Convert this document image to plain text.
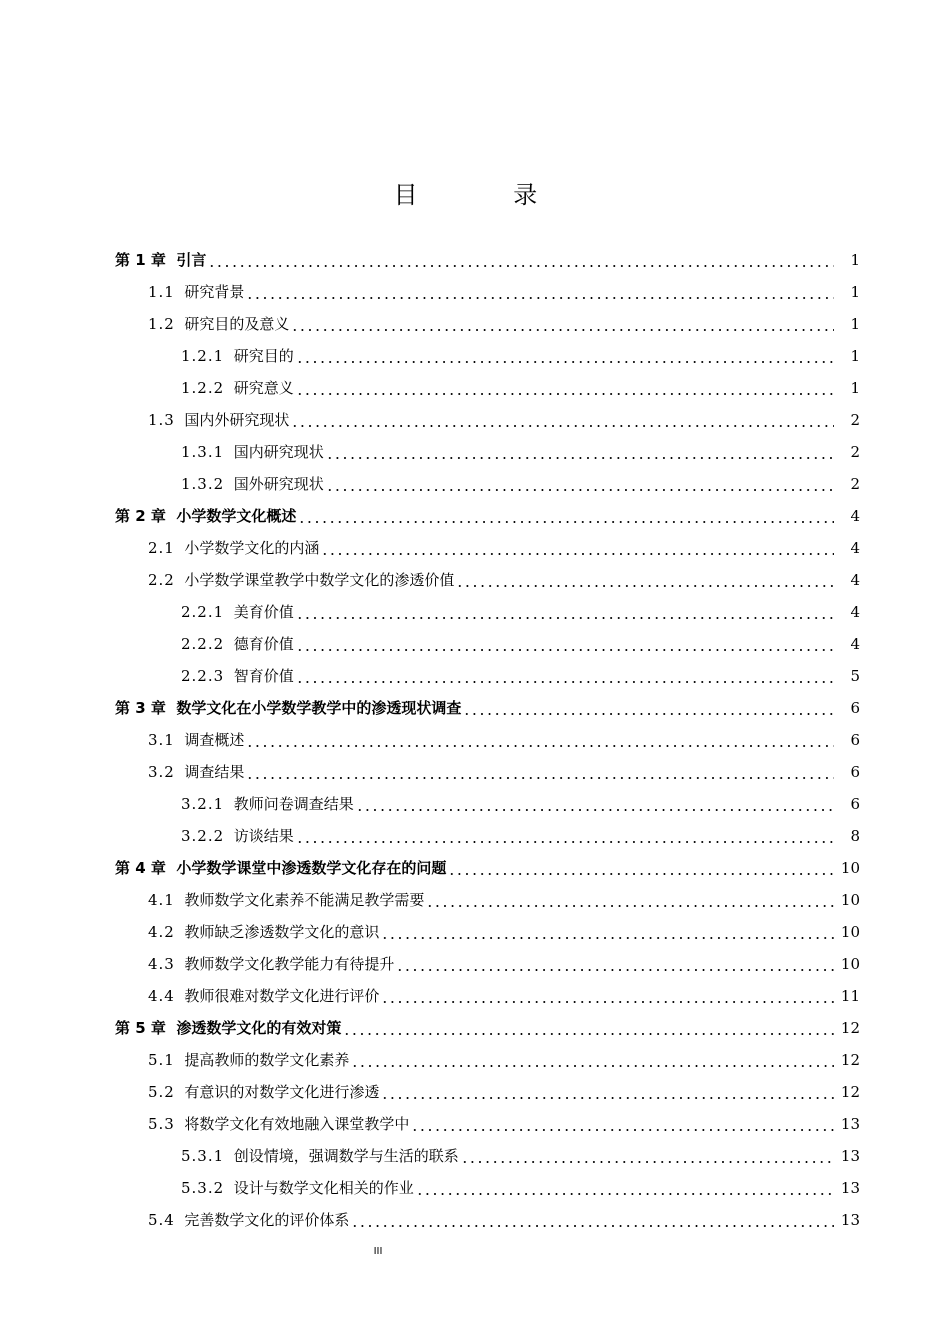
目 录
第 1 章 引言	1
1.1 研究背景	1
1.2 研究目的及意义	1
1.2.1 研究目的	1
1.2.2 研究意义	1
1.3 国内外研究现状	2
1.3.1 国内研究现状	2
1.3.2 国外研究现状	2
第 2 章 小学数学文化概述	4
2.1 小学数学文化的内涵	4
2.2 小学数学课堂教学中数学文化的渗透价值	4
2.2.1 美育价值	4
2.2.2 德育价值	4
2.2.3 智育价值	5
第 3 章 数学文化在小学数学教学中的渗透现状调查	6
3.1 调查概述	6
3.2 调查结果	6
3.2.1 教师问卷调查结果	6
3.2.2 访谈结果	8
第 4 章 小学数学课堂中渗透数学文化存在的问题	10
4.1 教师数学文化素养不能满足教学需要	10
4.2 教师缺乏渗透数学文化的意识	10
4.3 教师数学文化教学能力有待提升	10
4.4 教师很难对数学文化进行评价	11
第 5 章 渗透数学文化的有效对策	12
5.1 提高教师的数学文化素养	12
5.2 有意识的对数学文化进行渗透	12
5.3 将数学文化有效地融入课堂教学中	13
5.3.1 创设情境，强调数学与生活的联系	13
5.3.2 设计与数学文化相关的作业	13
5.4 完善数学文化的评价体系	13
III
